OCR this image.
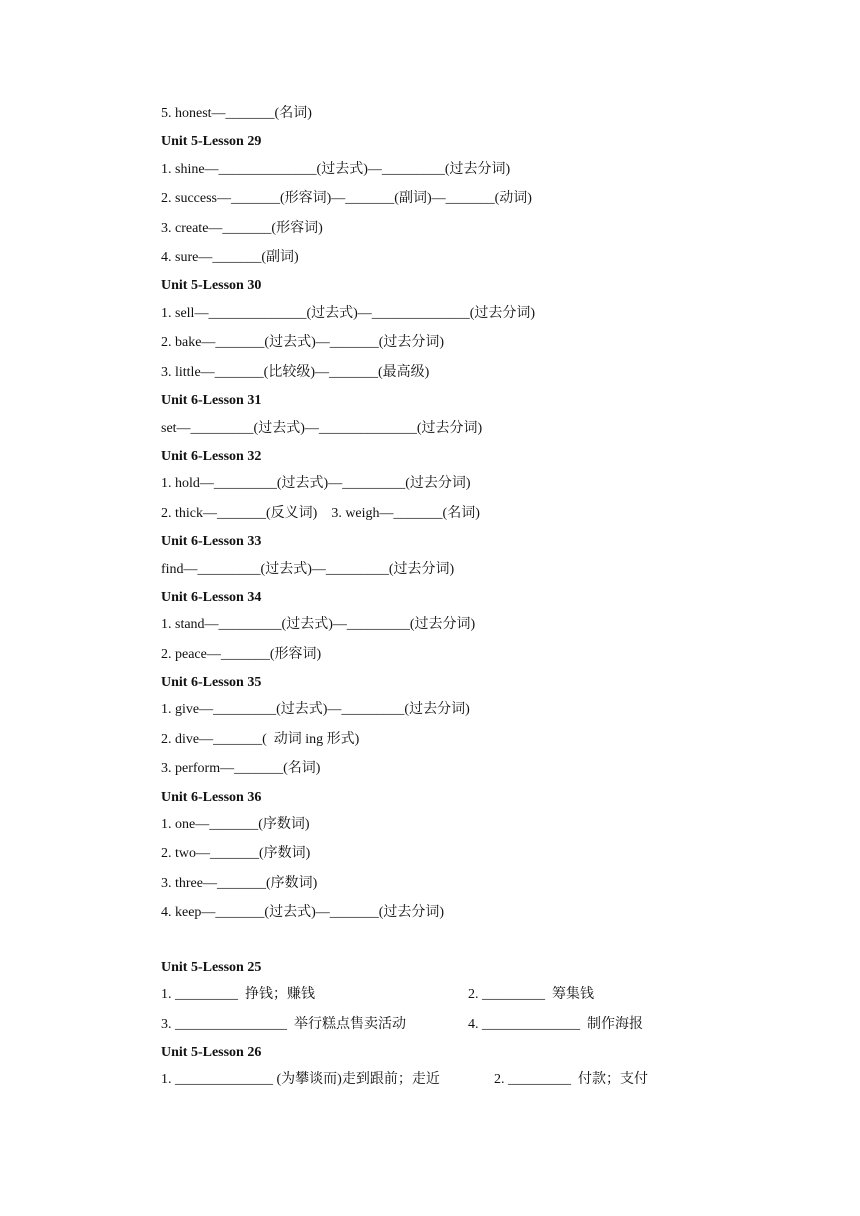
5. honest—_______(名词)
Unit 5-Lesson 29
1. shine—______________(过去式)—_________(过去分词)
2. success—_______(形容词)—_______(副词)—_______(动词)
3. create—_______(形容词)
4. sure—_______(副词)
Unit 5-Lesson 30
1. sell—______________(过去式)—______________(过去分词)
2. bake—_______(过去式)—_______(过去分词)
3. little—_______(比较级)—_______(最高级)
Unit 6-Lesson 31
set—_________(过去式)—______________(过去分词)
Unit 6-Lesson 32
1. hold—_________(过去式)—_________(过去分词)
2. thick—_______(反义词)    3. weigh—_______(名词)
Unit 6-Lesson 33
find—_________(过去式)—_________(过去分词)
Unit 6-Lesson 34
1. stand—_________(过去式)—_________(过去分词)
2. peace—_______(形容词)
Unit 6-Lesson 35
1. give—_________(过去式)—_________(过去分词)
2. dive—_______(  动词 ing 形式)
3. perform—_______(名词)
Unit 6-Lesson 36
1. one—_______(序数词)
2. two—_______(序数词)
3. three—_______(序数词)
4. keep—_______(过去式)—_______(过去分词)
Unit 5-Lesson 25
1. _________  挣钱；赚钱	2. _________  筹集钱
3. ________________  举行糕点售卖活动	4. ______________  制作海报
Unit 5-Lesson 26
1. ______________ (为攀谈而)走到跟前；走近	2. _________  付款；支付
